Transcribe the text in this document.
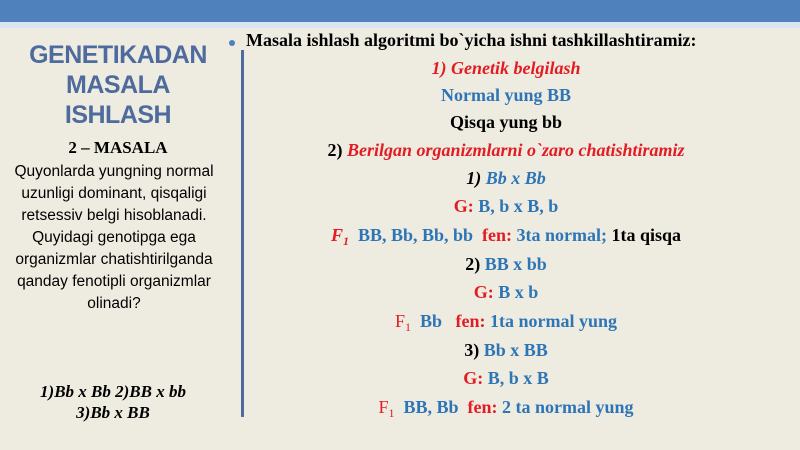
GENETIKADAN
MASALA
ISHLASH
2 – MASALA
Quyonlarda yungning normal uzunligi dominant, qisqaligi retsessiv belgi hisoblanadi. Quyidagi genotipga ega organizmlar chatishtirilganda qanday fenotipli organizmlar olinadi?
1)Bb x Bb 2)BB x bb
3)Bb x BB
Masala ishlash algoritmi bo`yicha ishni tashkillashtiramiz:
1) Genetik belgilash
Normal yung BB
Qisqa yung bb
2) Berilgan organizmlarni o`zaro chatishtiramiz
1) Bb x Bb
G: B, b x B, b
$F_1$ BB, Bb, Bb, bb fen: 3ta normal; 1ta qisqa
2) BB x bb
G: B x b
$F_1$ Bb fen: 1ta normal yung
3) Bb x BB
G: B, b x B
$F_1$ BB, Bb fen: 2 ta normal yung
